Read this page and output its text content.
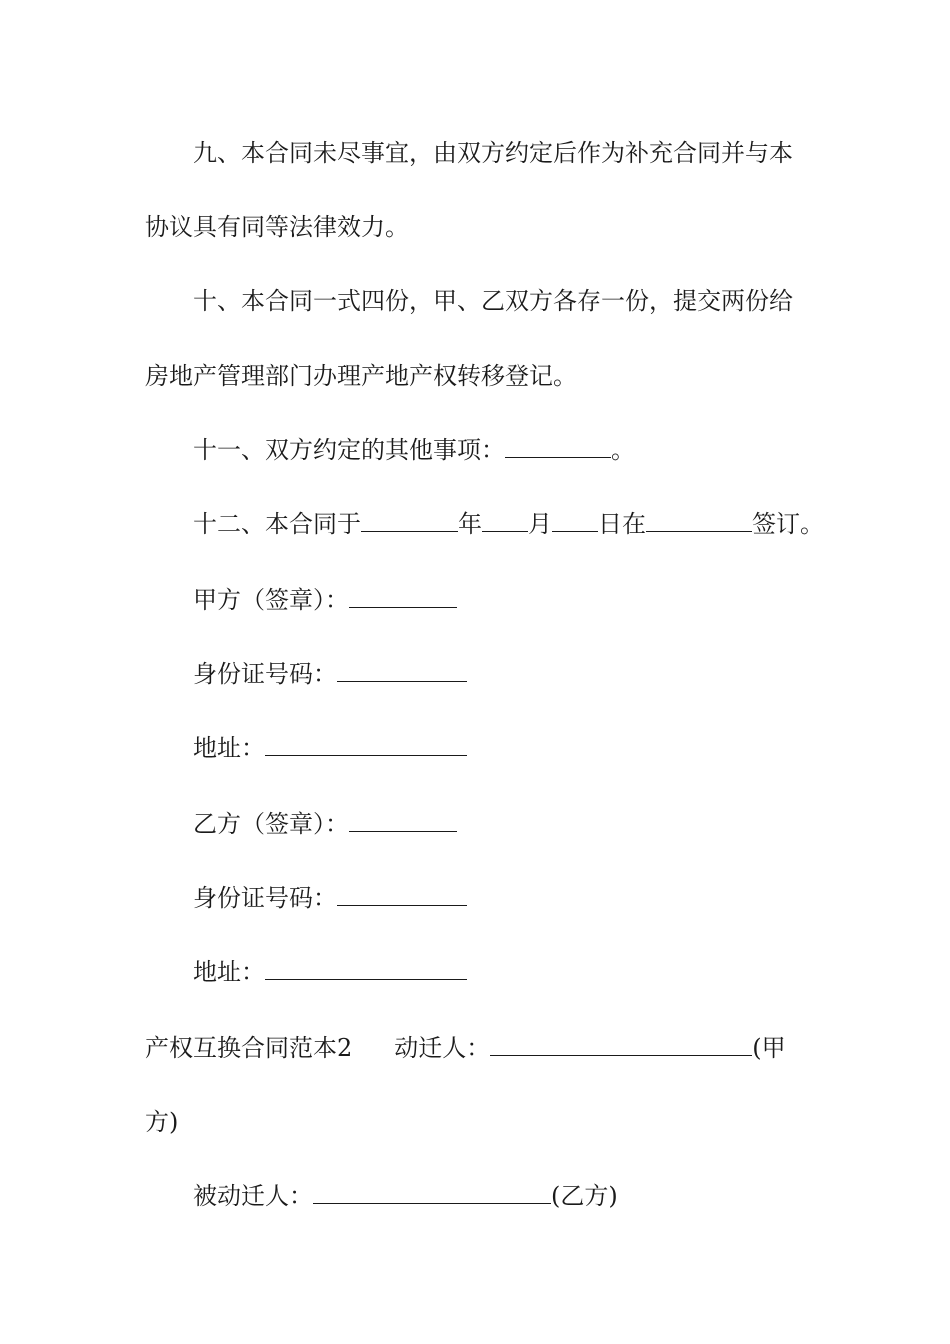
九、本合同未尽事宜，由双方约定后作为补充合同并与本
协议具有同等法律效力。
十、本合同一式四份，甲、乙双方各存一份，提交两份给
房地产管理部门办理产地产权转移登记。
十一、双方约定的其他事项：	。
十二、本合同于	年 月 日在	签订。
甲方（签章）：
身份证号码：
地址：
乙方（签章）：
身份证号码：
地址：
产权互换合同范本2 动迁人：	(甲
方)
被动迁人：	(乙方)
